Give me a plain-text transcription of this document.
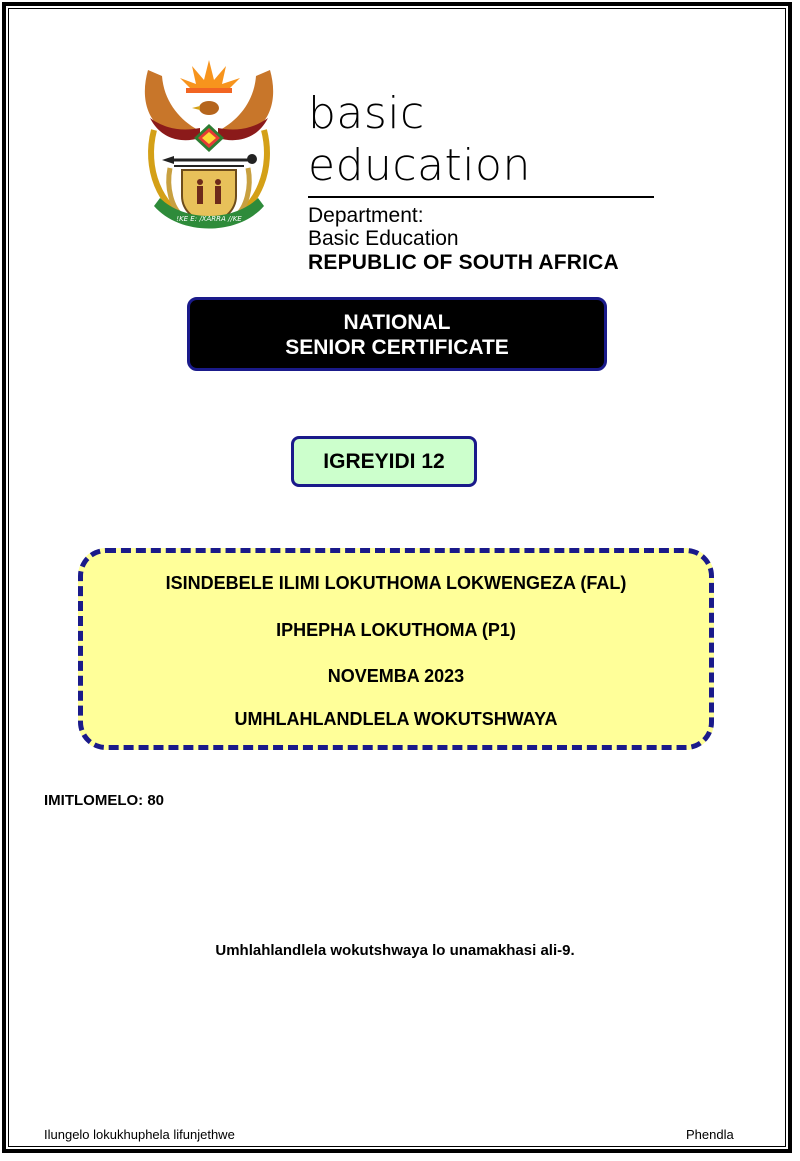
!KE E: /XARRA //KE
basic education
Department:
Basic Education
REPUBLIC OF SOUTH AFRICA
NATIONAL
SENIOR CERTIFICATE
IGREYIDI 12
ISINDEBELE ILIMI LOKUTHOMA LOKWENGEZA (FAL)
IPHEPHA LOKUTHOMA (P1)
NOVEMBA 2023
UMHLAHLANDLELA WOKUTSHWAYA
IMITLOMELO: 80
Umhlahlandlela wokutshwaya lo unamakhasi ali-9.
Ilungelo lokukhuphela lifunjethwe	Phendla
